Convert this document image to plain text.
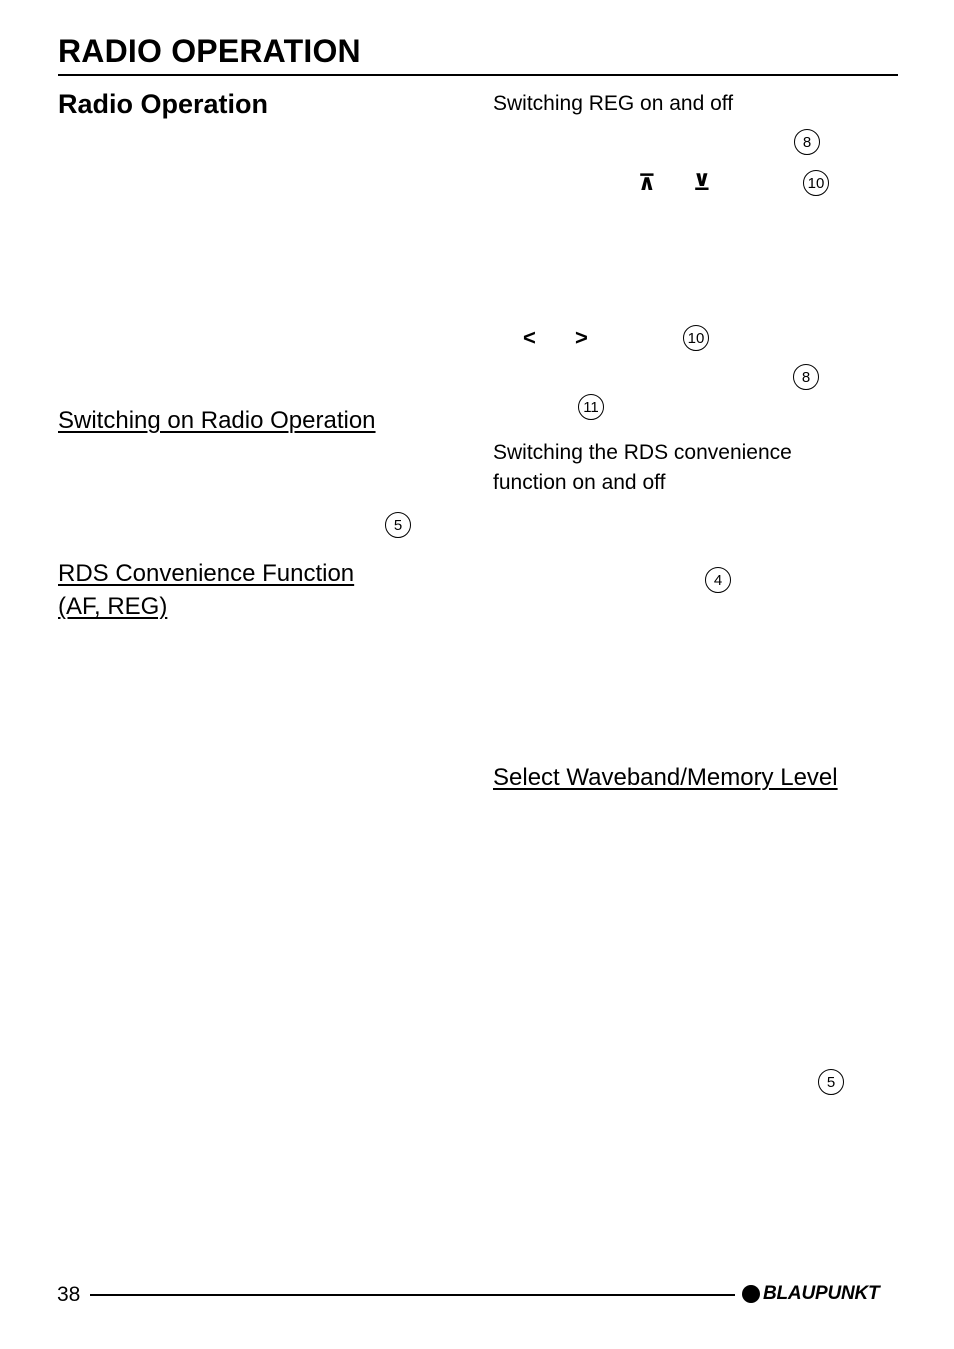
RADIO OPERATION
Radio Operation
Switching on Radio Operation
5
RDS Convenience Function
(AF, REG)
Switching REG on and off
8
⊼ ⊻	10
< >	10
8
11
Switching the RDS convenience
function on and off
4
Select Waveband/Memory Level
5
38	BLAUPUNKT
